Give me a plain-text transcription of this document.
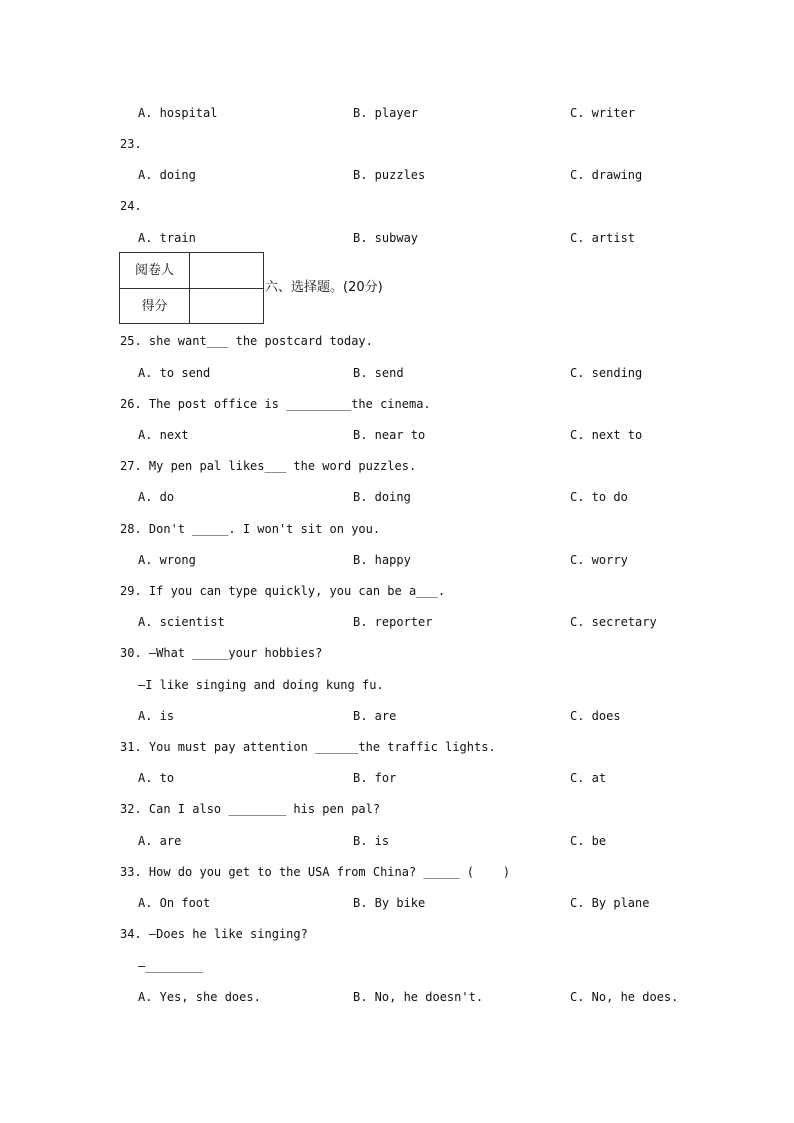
A. hospital

	B. player

	C. writer

23.

A. doing

	B. puzzles

	C. drawing

24.

A. train

	B. subway

	C. artist

阅卷人
得分
六、选择题。(20分)
25. she want___ the postcard today.

A. to send

	B. send

	C. sending

26. The post office is _________the cinema.

A. next

	B. near to

	C. next to

27. My pen pal likes___ the word puzzles.

A. do

	B. doing

	C. to do

28. Don't _____. I won't sit on you.

A. wrong

	B. happy

	C. worry

29. If you can type quickly, you can be a___.

A. scientist

	B. reporter

	C. secretary

30. —What _____your hobbies?
—I like singing and doing kung fu.

A. is

	B. are

	C. does

31. You must pay attention ______the traffic lights.

A. to

	B. for

	C. at

32. Can I also ________ his pen pal?

A. are

	B. is

	C. be

33. How do you get to the USA from China? _____ (    )

A. On foot

	B. By bike

	C. By plane

34. —Does he like singing?
—________

A. Yes, she does.

	B. No, he doesn't.

	C. No, he does.
